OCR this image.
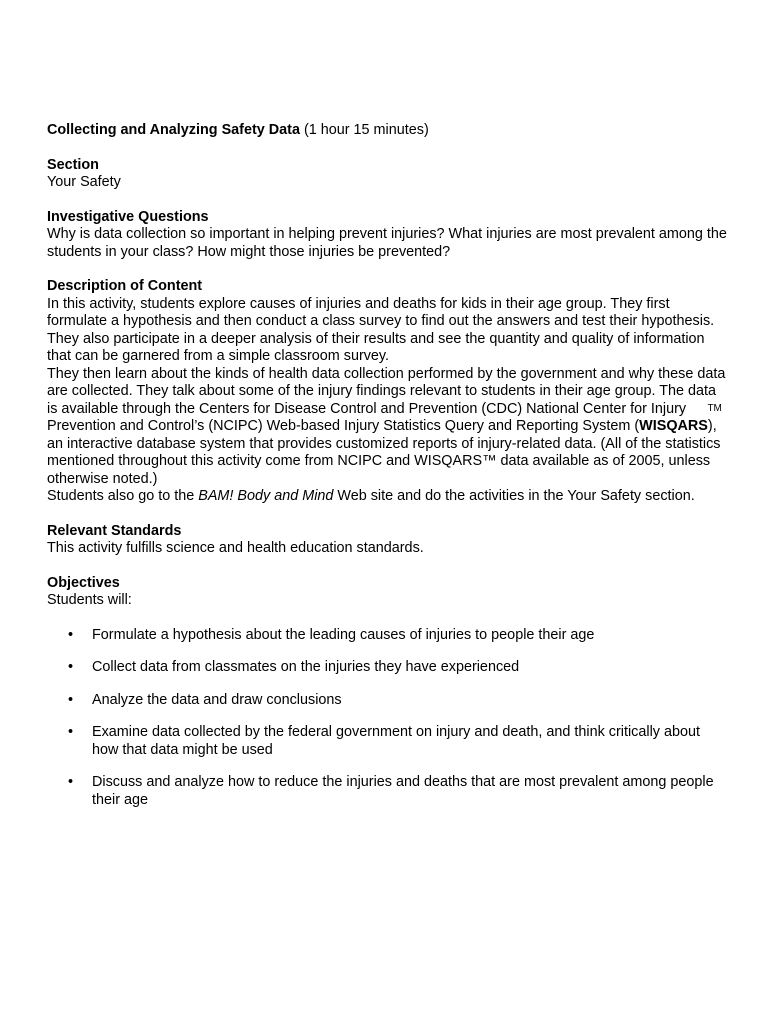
Collecting and Analyzing Safety Data (1 hour 15 minutes)

Section

Your Safety

Investigative Questions

Why is data collection so important in helping prevent injuries? What injuries are most prevalent among the students in your class? How might those injuries be prevented?

Description of Content

In this activity, students explore causes of injuries and deaths for kids in their age group. They first formulate a hypothesis and then conduct a class survey to find out the answers and test their hypothesis. They also participate in a deeper analysis of their results and see the quantity and quality of information that can be garnered from a simple classroom survey.

They then learn about the kinds of health data collection performed by the government and why these data are collected. They talk about some of the injury findings relevant to students in their age group. The data is available through the Centers for Disease Control and Prevention (CDC) National Center for Injury Prevention and Control’s (NCIPC) Web-based Injury Statistics Query and Reporting System (WISQARS
TM
), an interactive database system that provides customized reports of injury-related data. (All of the statistics mentioned throughout this activity come from NCIPC and WISQARS™ data available as of 2005, unless otherwise noted.)

Students also go to the BAM! Body and Mind Web site and do the activities in the Your Safety section.

Relevant Standards

This activity fulfills science and health education standards.

Objectives

Students will:

• Formulate a hypothesis about the leading causes of injuries to people their age
• Collect data from classmates on the injuries they have experienced
• Analyze the data and draw conclusions
• Examine data collected by the federal government on injury and death, and think critically about how that data might be used
• Discuss and analyze how to reduce the injuries and deaths that are most prevalent among people their age
